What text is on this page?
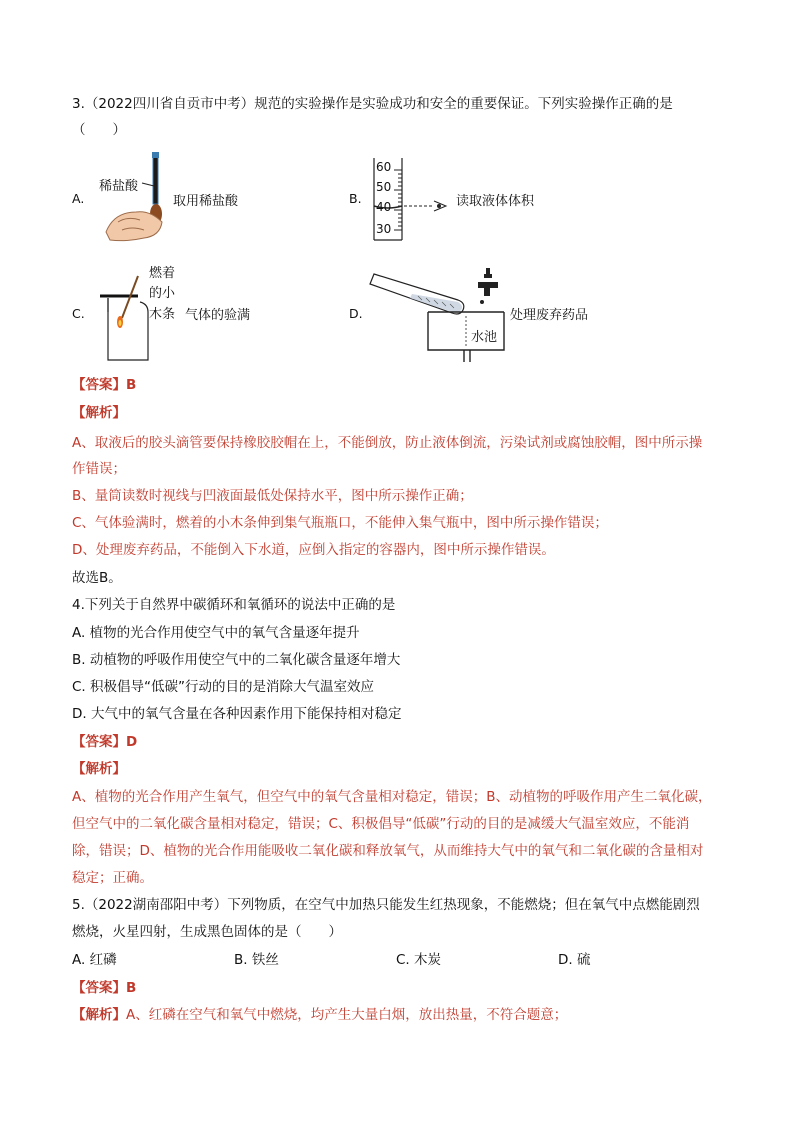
3.（2022四川省自贡市中考）规范的实验操作是实验成功和安全的重要保证。下列实验操作正确的是
（　　）
A.
稀盐酸
取用稀盐酸	B.
60
50
40
30
读取液体体积
C.
燃着
的小
木条 气体的验满	D.
水池
处理废弃药品
【答案】B
【解析】
A、取液后的胶头滴管要保持橡胶胶帽在上，不能倒放，防止液体倒流，污染试剂或腐蚀胶帽，图中所示操
作错误；
B、量筒读数时视线与凹液面最低处保持水平，图中所示操作正确；
C、气体验满时，燃着的小木条伸到集气瓶瓶口，不能伸入集气瓶中，图中所示操作错误；
D、处理废弃药品，不能倒入下水道，应倒入指定的容器内，图中所示操作错误。
故选B。
4.下列关于自然界中碳循环和氧循环的说法中正确的是
A. 植物的光合作用使空气中的氧气含量逐年提升
B. 动植物的呼吸作用使空气中的二氧化碳含量逐年增大
C. 积极倡导“低碳”行动的目的是消除大气温室效应
D. 大气中的氧气含量在各种因素作用下能保持相对稳定
【答案】D
【解析】
A、植物的光合作用产生氧气，但空气中的氧气含量相对稳定，错误；B、动植物的呼吸作用产生二氧化碳，
但空气中的二氧化碳含量相对稳定，错误；C、积极倡导“低碳”行动的目的是减缓大气温室效应，不能消
除，错误；D、植物的光合作用能吸收二氧化碳和释放氧气，从而维持大气中的氧气和二氧化碳的含量相对
稳定；正确。
5.（2022湖南邵阳中考）下列物质，在空气中加热只能发生红热现象，不能燃烧；但在氧气中点燃能剧烈
燃烧，火星四射，生成黑色固体的是（　　）
A. 红磷	B. 铁丝	C. 木炭	D. 硫
【答案】B
【解析】A、红磷在空气和氧气中燃烧，均产生大量白烟，放出热量，不符合题意；
